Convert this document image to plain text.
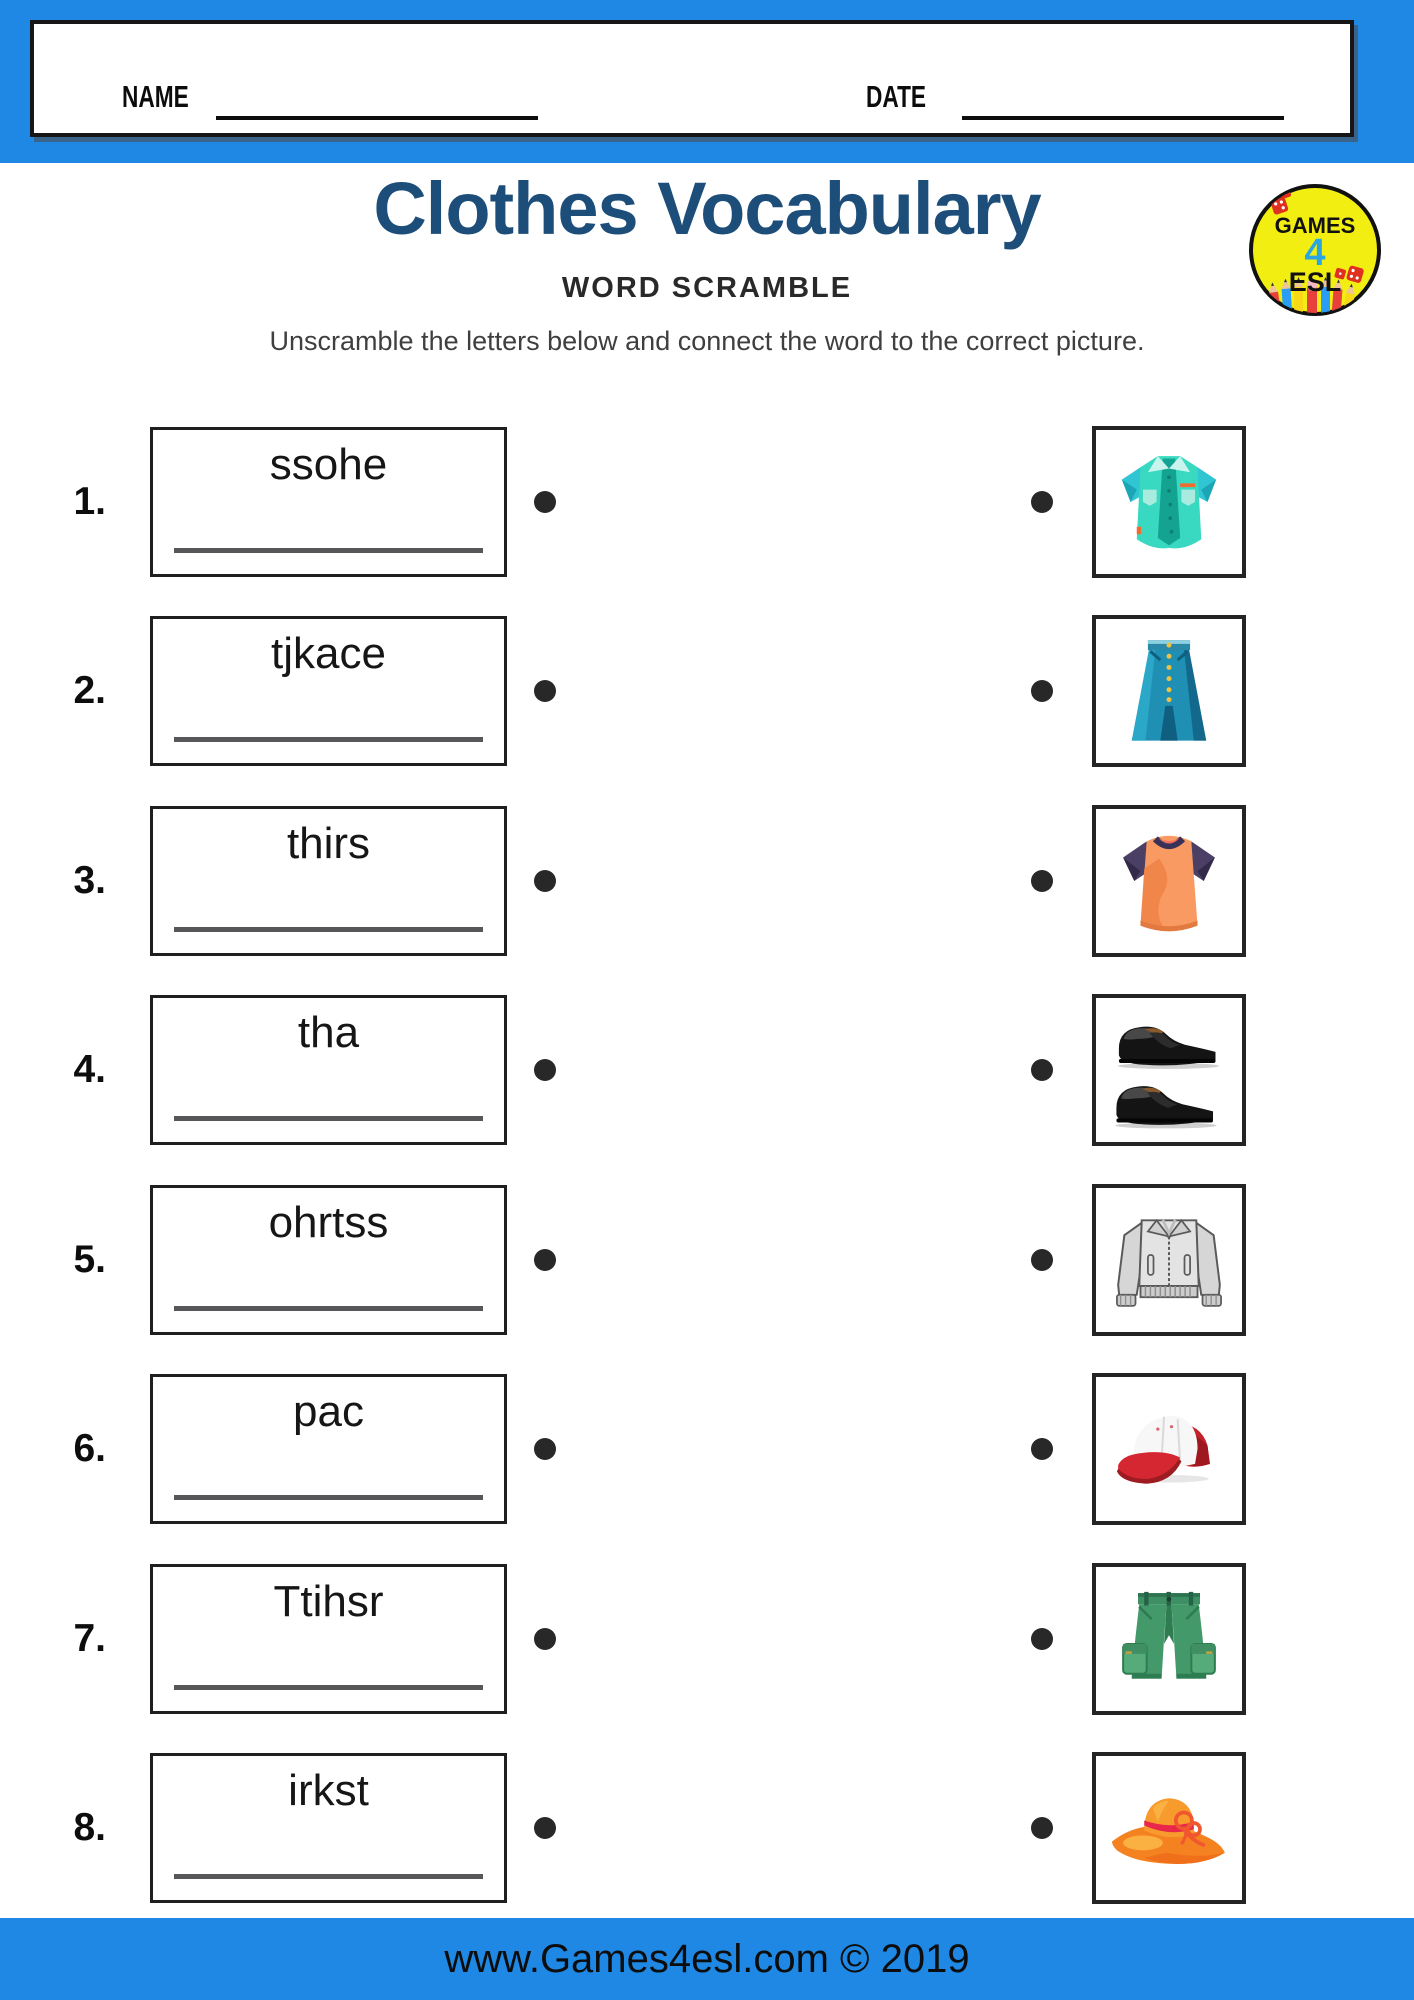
NAME	DATE
Clothes Vocabulary
WORD SCRAMBLE
Unscramble the letters below and connect the word to the correct picture.
GAMES
4
ESL
1.
ssohe
2.
tjkace
3.
thirs
4.
tha
5.
ohrtss
6.
pac
7.
Ttihsr
8.
irkst
www.Games4esl.com © 2019
